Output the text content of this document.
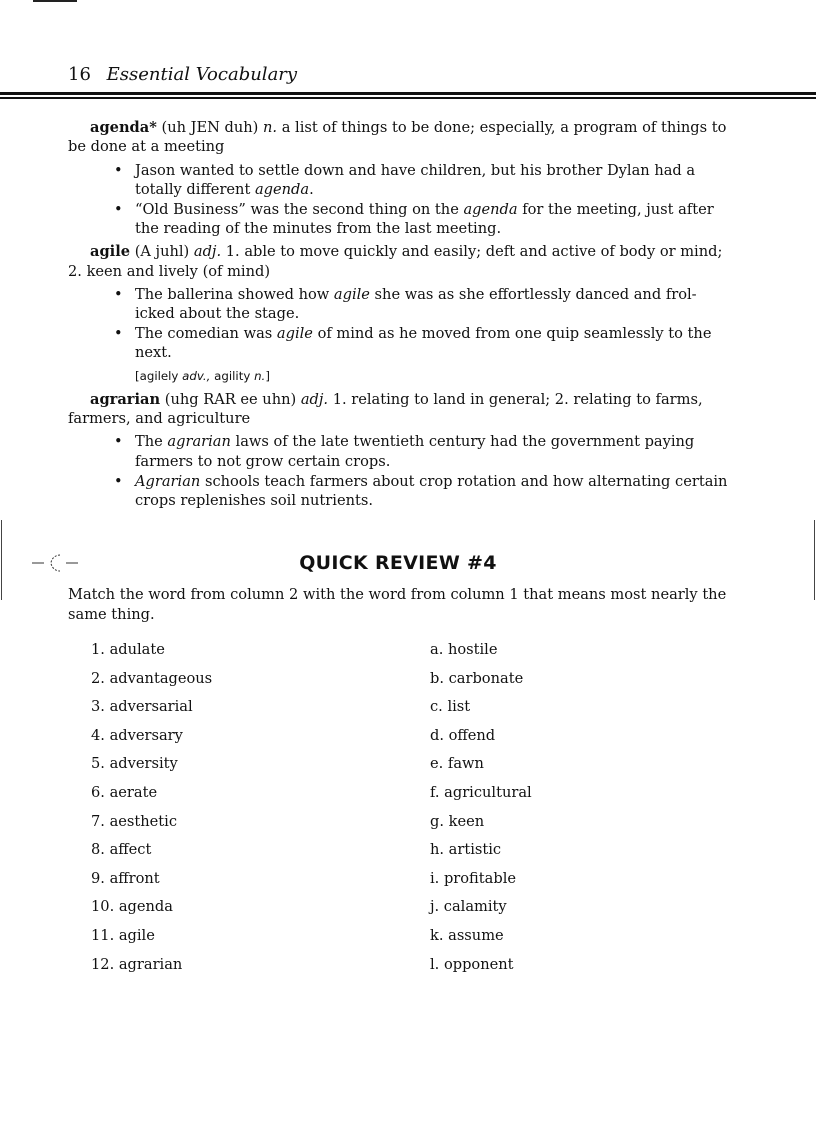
16 Essential Vocabulary

agenda* (uh JEN duh) n. a list of things to be done; especially, a program of things to be done at a meeting

• Jason wanted to settle down and have children, but his brother Dylan had a totally different agenda.
• “Old Business” was the second thing on the agenda for the meeting, just after the reading of the minutes from the last meeting.

agile (A juhl) adj. 1. able to move quickly and easily; deft and active of body or mind; 2. keen and lively (of mind)

• The ballerina showed how agile she was as she effortlessly danced and frol-icked about the stage.
• The comedian was agile of mind as he moved from one quip seamlessly to the next.
[agilely adv., agility n.]

agrarian (uhg RAR ee uhn) adj. 1. relating to land in general; 2. relating to farms, farmers, and agriculture

• The agrarian laws of the late twentieth century had the government paying farmers to not grow certain crops.
• Agrarian schools teach farmers about crop rotation and how alternating certain crops replenishes soil nutrients.
QUICK REVIEW #4
Match the word from column 2 with the word from column 1 that means most nearly the same thing.
1. adulate
2. advantageous
3. adversarial
4. adversary
5. adversity
6. aerate
7. aesthetic
8. affect
9. affront
10. agenda
11. agile
12. agrarian
a. hostile
b. carbonate
c. list
d. offend
e. fawn
f. agricultural
g. keen
h. artistic
i. profitable
j. calamity
k. assume
l. opponent
